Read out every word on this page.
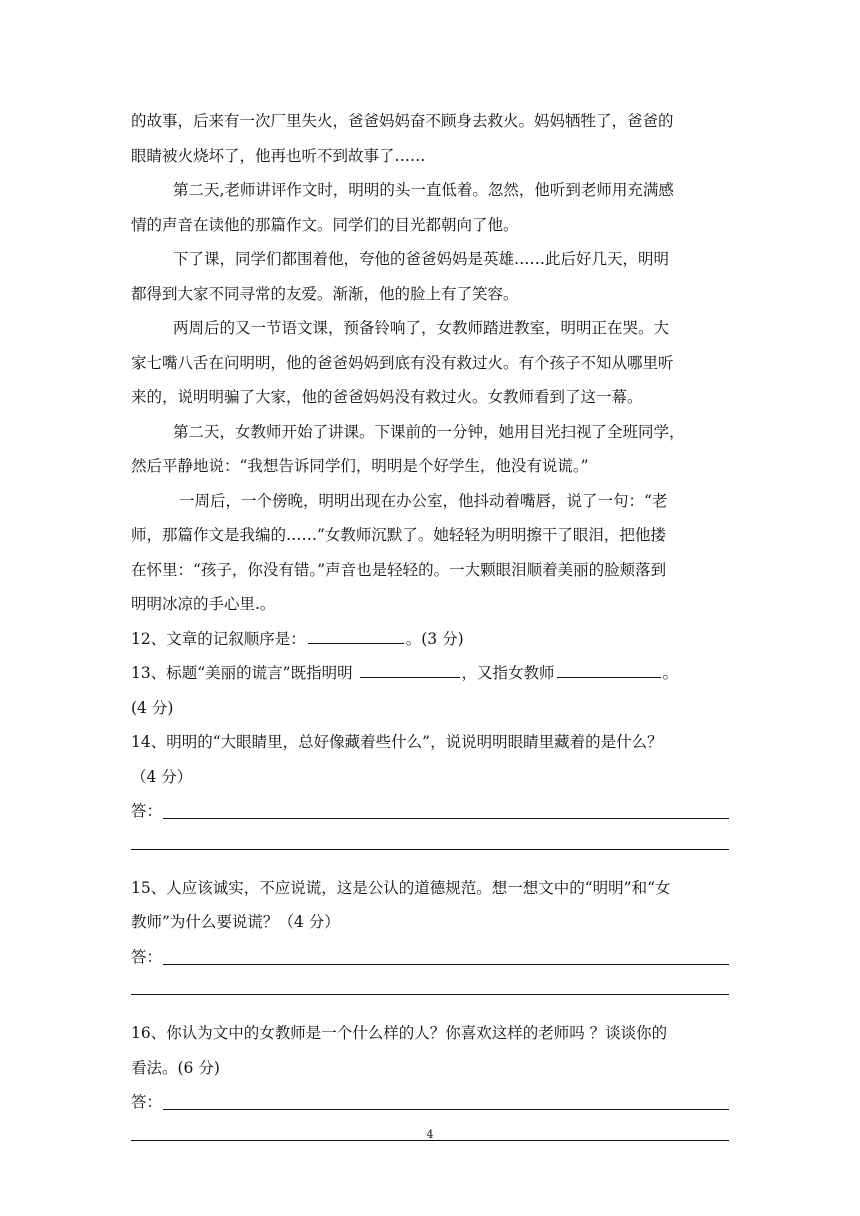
的故事，后来有一次厂里失火，爸爸妈妈奋不顾身去救火。妈妈牺牲了，爸爸的
眼睛被火烧坏了，他再也听不到故事了……
第二天,老师讲评作文时，明明的头一直低着。忽然，他听到老师用充满感
情的声音在读他的那篇作文。同学们的目光都朝向了他。
下了课，同学们都围着他，夸他的爸爸妈妈是英雄……此后好几天，明明
都得到大家不同寻常的友爱。渐渐，他的脸上有了笑容。
两周后的又一节语文课，预备铃响了，女教师踏进教室，明明正在哭。大
家七嘴八舌在问明明，他的爸爸妈妈到底有没有救过火。有个孩子不知从哪里听
来的，说明明骗了大家，他的爸爸妈妈没有救过火。女教师看到了这一幕。
第二天，女教师开始了讲课。下课前的一分钟，她用目光扫视了全班同学，
然后平静地说：“我想告诉同学们，明明是个好学生，他没有说谎。”
一周后，一个傍晚，明明出现在办公室，他抖动着嘴唇，说了一句：“老
师，那篇作文是我编的……”女教师沉默了。她轻轻为明明擦干了眼泪，把他搂
在怀里：“孩子，你没有错。”声音也是轻轻的。一大颗眼泪顺着美丽的脸颊落到
明明冰凉的手心里.。
12、文章的记叙顺序是：	。(3 分)
13、标题“美丽的谎言”既指明明	，又指女教师	。
(4 分)
14、明明的“大眼睛里，总好像藏着些什么”，说说明明眼睛里藏着的是什么？
（4 分）
答：
15、人应该诚实，不应说谎，这是公认的道德规范。想一想文中的“明明”和“女
教师”为什么要说谎？（4 分）
答：
16、你认为文中的女教师是一个什么样的人？你喜欢这样的老师吗 ？谈谈你的
看法。(6 分)
答：
4
